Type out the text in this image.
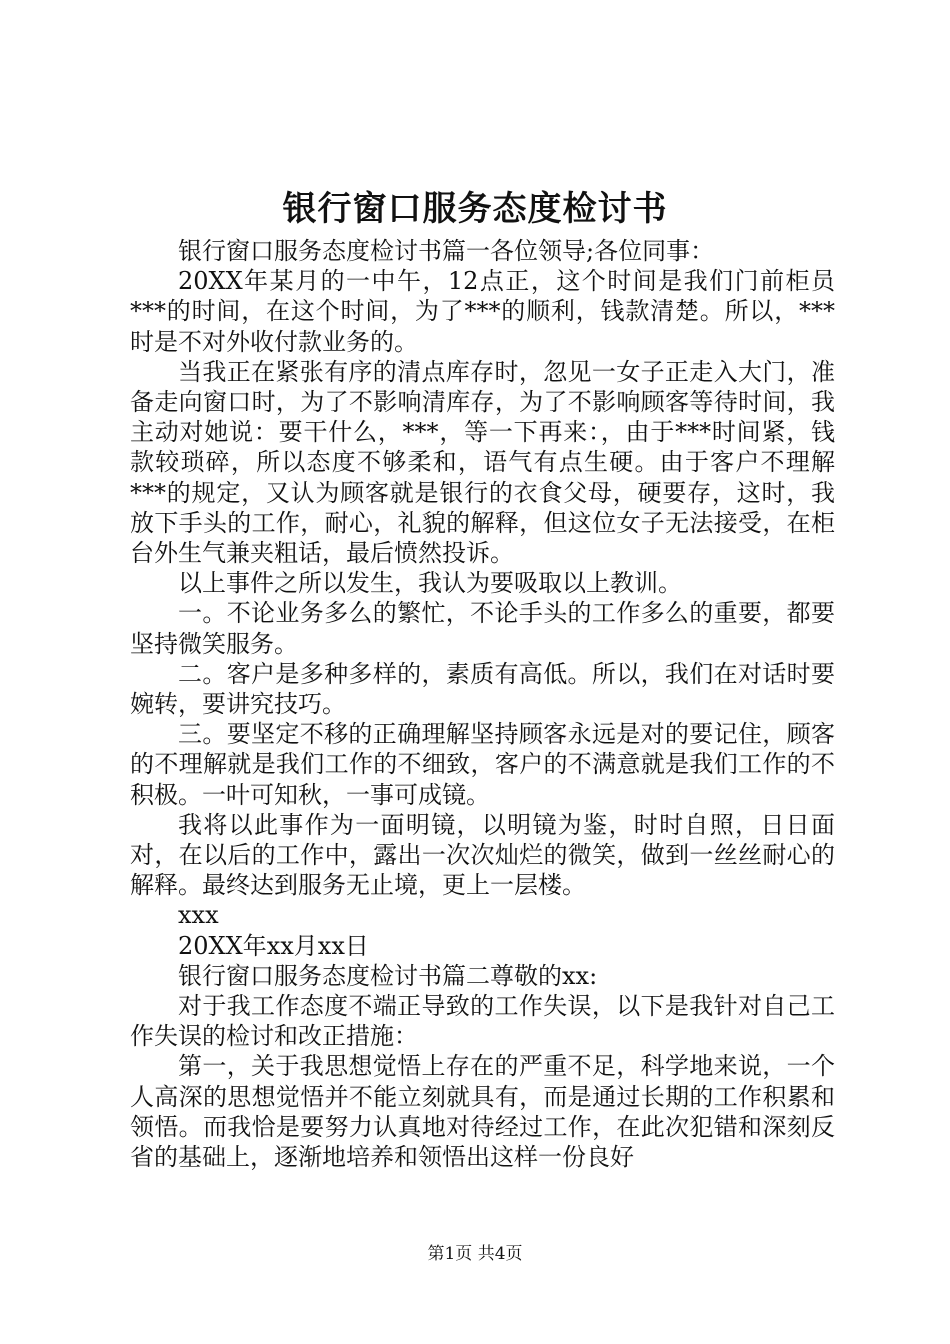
银行窗口服务态度检讨书

银行窗口服务态度检讨书篇一各位领导;各位同事：

20XX年某月的一中午，12点正，这个时间是我们门前柜员***的时间，在这个时间，为了***的顺利，钱款清楚。所以，***时是不对外收付款业务的。

当我正在紧张有序的清点库存时，忽见一女子正走入大门，准备走向窗口时，为了不影响清库存，为了不影响顾客等待时间，我主动对她说：要干什么，***，等一下再来：，由于***时间紧，钱款较琐碎，所以态度不够柔和，语气有点生硬。由于客户不理解***的规定，又认为顾客就是银行的衣食父母，硬要存，这时，我放下手头的工作，耐心，礼貌的解释，但这位女子无法接受，在柜台外生气兼夹粗话，最后愤然投诉。

以上事件之所以发生，我认为要吸取以上教训。

一。不论业务多么的繁忙，不论手头的工作多么的重要，都要坚持微笑服务。

二。客户是多种多样的，素质有高低。所以，我们在对话时要婉转，要讲究技巧。

三。要坚定不移的正确理解坚持顾客永远是对的要记住，顾客的不理解就是我们工作的不细致，客户的不满意就是我们工作的不积极。一叶可知秋，一事可成镜。

我将以此事作为一面明镜，以明镜为鉴，时时自照，日日面对，在以后的工作中，露出一次次灿烂的微笑，做到一丝丝耐心的解释。最终达到服务无止境，更上一层楼。

xxx

20XX年xx月xx日

银行窗口服务态度检讨书篇二尊敬的xx:

对于我工作态度不端正导致的工作失误，以下是我针对自己工作失误的检讨和改正措施：

第一，关于我思想觉悟上存在的严重不足，科学地来说，一个人高深的思想觉悟并不能立刻就具有，而是通过长期的工作积累和领悟。而我恰是要努力认真地对待经过工作，在此次犯错和深刻反省的基础上，逐渐地培养和领悟出这样一份良好

第1页 共4页
